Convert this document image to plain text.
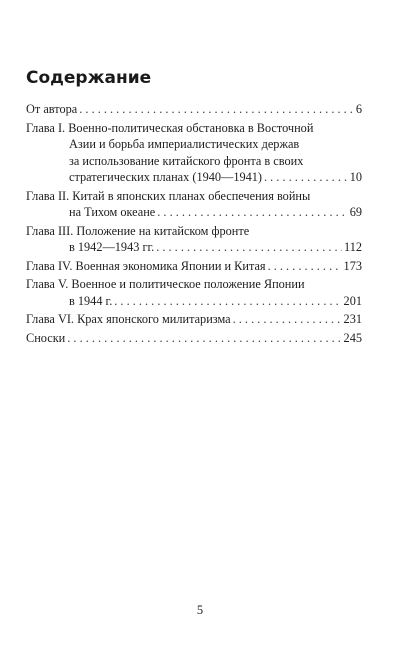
Содержание
От автора . . .	6
Глава I. Военно-политическая обстановка в Восточной
Азии и борьба империалистических держав
за использование китайского фронта в своих
стратегических планах (1940—1941) . . .	10
Глава II. Китай в японских планах обеспечения войны
на Тихом океане . . .	69
Глава III. Положение на китайском фронте
в 1942—1943 гг. . . .	112
Глава IV. Военная экономика Японии и Китая . . .	173
Глава V. Военное и политическое положение Японии
в 1944 г. . . .	201
Глава VI. Крах японского милитаризма . . .	231
Сноски . . .	245
5
